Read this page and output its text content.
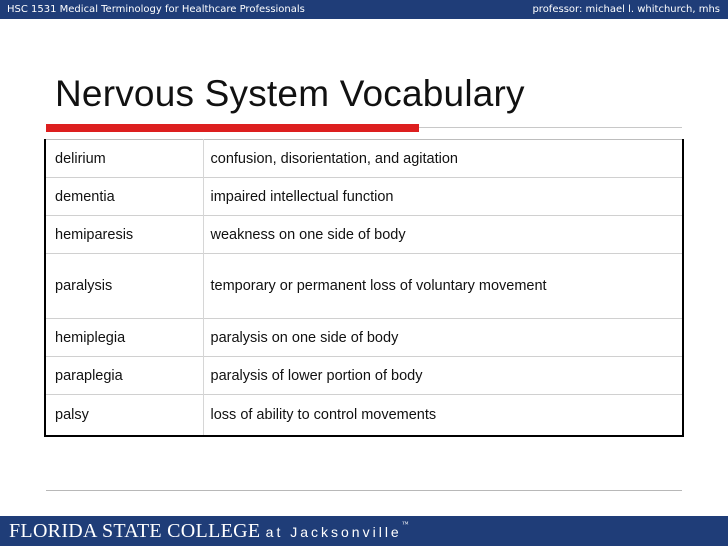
HSC 1531 Medical Terminology for Healthcare Professionals	professor: michael l. whitchurch, mhs
Nervous System Vocabulary
delirium	confusion, disorientation, and agitation
dementia	impaired intellectual function
hemiparesis	weakness on one side of body
paralysis	temporary or permanent loss of voluntary movement
hemiplegia	paralysis on one side of body
paraplegia	paralysis of lower portion of body
palsy	loss of ability to control movements
FLORIDA STATE COLLEGE at Jacksonville™
